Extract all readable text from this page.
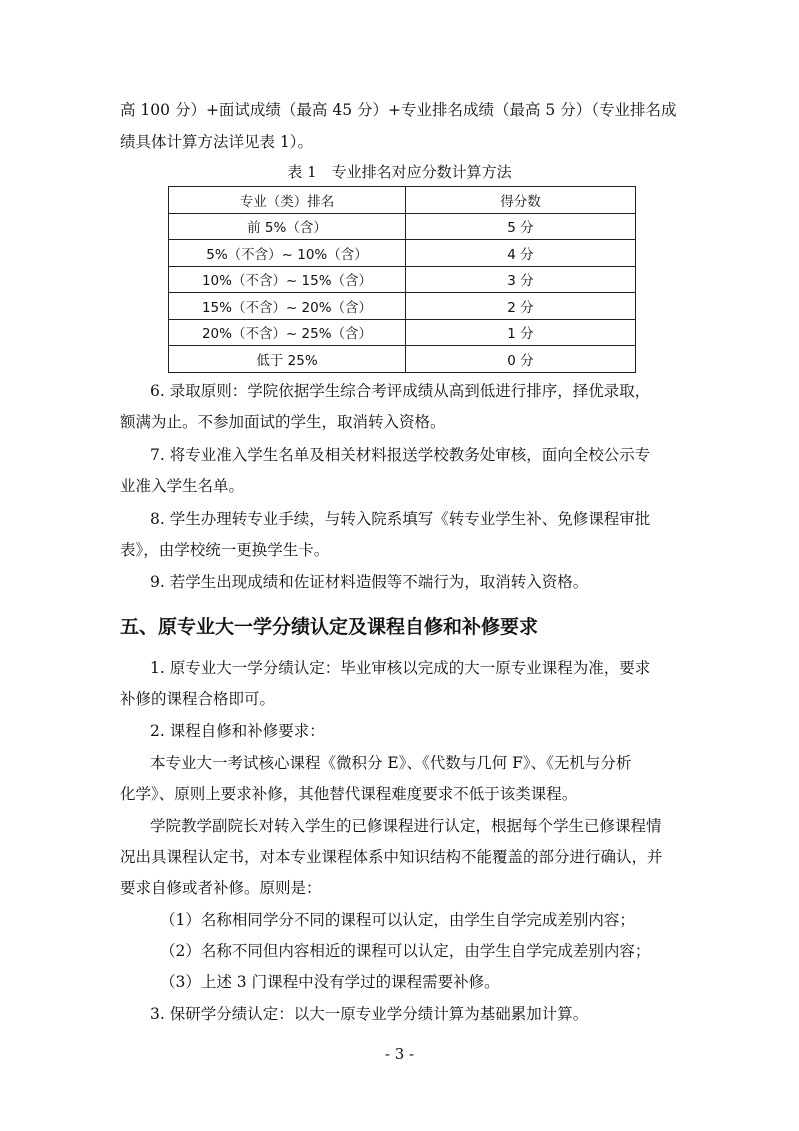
高 100 分）+面试成绩（最高 45 分）+专业排名成绩（最高 5 分）（专业排名成

绩具体计算方法详见表 1）。

表 1　专业排名对应分数计算方法
专业（类）排名	得分数
前 5%（含）	5 分
5%（不含）~ 10%（含）	4 分
10%（不含）~ 15%（含）	3 分
15%（不含）~ 20%（含）	2 分
20%（不含）~ 25%（含）	1 分
低于 25%	0 分

6. 录取原则：学院依据学生综合考评成绩从高到低进行排序，择优录取，

额满为止。不参加面试的学生，取消转入资格。

7. 将专业准入学生名单及相关材料报送学校教务处审核，面向全校公示专

业准入学生名单。

8. 学生办理转专业手续，与转入院系填写《转专业学生补、免修课程审批

表》，由学校统一更换学生卡。

9. 若学生出现成绩和佐证材料造假等不端行为，取消转入资格。

五、原专业大一学分绩认定及课程自修和补修要求

1. 原专业大一学分绩认定：毕业审核以完成的大一原专业课程为准，要求

补修的课程合格即可。

2. 课程自修和补修要求：

本专业大一考试核心课程《微积分 E》、《代数与几何 F》、《无机与分析

化学》、原则上要求补修，其他替代课程难度要求不低于该类课程。

学院教学副院长对转入学生的已修课程进行认定，根据每个学生已修课程情

况出具课程认定书，对本专业课程体系中知识结构不能覆盖的部分进行确认，并

要求自修或者补修。原则是：

（1）名称相同学分不同的课程可以认定，由学生自学完成差别内容；

（2）名称不同但内容相近的课程可以认定，由学生自学完成差别内容；

（3）上述 3 门课程中没有学过的课程需要补修。

3. 保研学分绩认定：以大一原专业学分绩计算为基础累加计算。

- 3 -
